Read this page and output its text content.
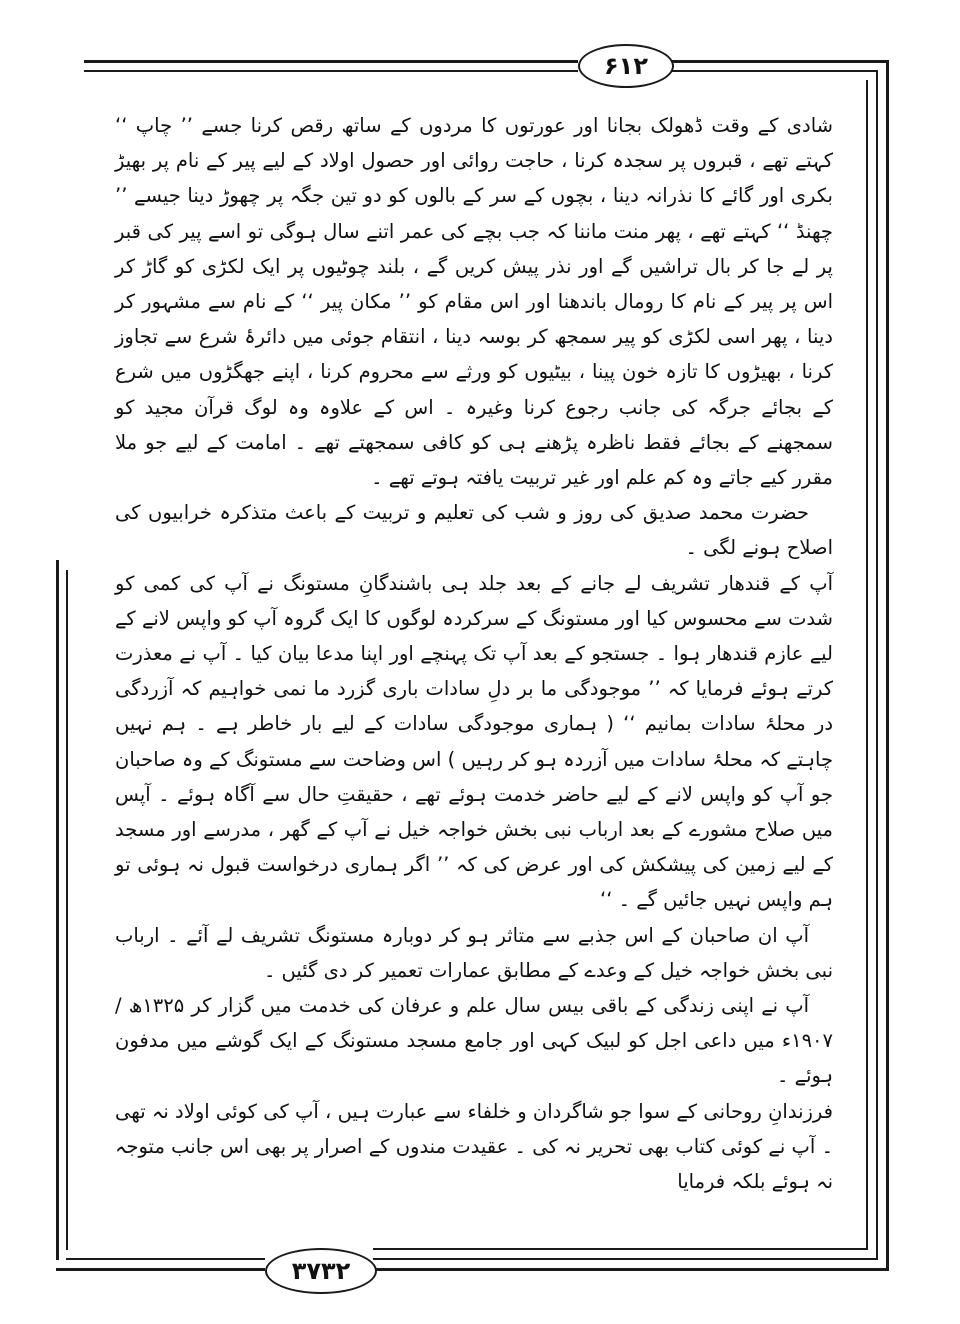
۶۱۲
۳۷۳۲

شادی کے وقت ڈھولک بجانا اور عورتوں کا مردوں کے ساتھ رقص کرنا جسے ’’ چاپ ‘‘ کہتے تھے ، قبروں پر سجدہ کرنا ، حاجت روائی اور حصول اولاد کے لیے پیر کے نام پر بھیڑ بکری اور گائے کا نذرانہ دینا ، بچوں کے سر کے بالوں کو دو تین جگہ پر چھوڑ دینا جیسے ’’ چھنڈ ‘‘ کہتے تھے ، پھر منت ماننا کہ جب بچے کی عمر اتنے سال ہوگی تو اسے پیر کی قبر پر لے جا کر بال تراشیں گے اور نذر پیش کریں گے ، بلند چوٹیوں پر ایک لکڑی کو گاڑ کر اس پر پیر کے نام کا رومال باندھنا اور اس مقام کو ’’ مکان پیر ‘‘ کے نام سے مشہور کر دینا ، پھر اسی لکڑی کو پیر سمجھ کر بوسہ دینا ، انتقام جوئی میں دائرۂ شرع سے تجاوز کرنا ، بھیڑوں کا تازہ خون پینا ، بیٹیوں کو ورثے سے محروم کرنا ، اپنے جھگڑوں میں شرع کے بجائے جرگہ کی جانب رجوع کرنا وغیرہ ۔ اس کے علاوہ وہ لوگ قرآن مجید کو سمجھنے کے بجائے فقط ناظرہ پڑھنے ہی کو کافی سمجھتے تھے ۔ امامت کے لیے جو ملا مقرر کیے جاتے وہ کم علم اور غیر تربیت یافتہ ہوتے تھے ۔

حضرت محمد صدیق کی روز و شب کی تعلیم و تربیت کے باعث متذکرہ خرابیوں کی اصلاح ہونے لگی ۔

آپ کے قندھار تشریف لے جانے کے بعد جلد ہی باشندگانِ مستونگ نے آپ کی کمی کو شدت سے محسوس کیا اور مستونگ کے سرکردہ لوگوں کا ایک گروہ آپ کو واپس لانے کے لیے عازم قندھار ہوا ۔ جستجو کے بعد آپ تک پہنچے اور اپنا مدعا بیان کیا ۔ آپ نے معذرت کرتے ہوئے فرمایا کہ ’’ موجودگی ما بر دلِ سادات باری گزرد ما نمی خواہیم کہ آزردگی در محلۂ سادات بمانیم ‘‘ ( ہماری موجودگی سادات کے لیے بار خاطر ہے ۔ ہم نہیں چاہتے کہ محلۂ سادات میں آزردہ ہو کر رہیں ) اس وضاحت سے مستونگ کے وہ صاحبان جو آپ کو واپس لانے کے لیے حاضر خدمت ہوئے تھے ، حقیقتِ حال سے آگاہ ہوئے ۔ آپس میں صلاح مشورے کے بعد ارباب نبی بخش خواجہ خیل نے آپ کے گھر ، مدرسے اور مسجد کے لیے زمین کی پیشکش کی اور عرض کی کہ ’’ اگر ہماری درخواست قبول نہ ہوئی تو ہم واپس نہیں جائیں گے ۔ ‘‘

آپ ان صاحبان کے اس جذبے سے متاثر ہو کر دوبارہ مستونگ تشریف لے آئے ۔ ارباب نبی بخش خواجہ خیل کے وعدے کے مطابق عمارات تعمیر کر دی گئیں ۔

آپ نے اپنی زندگی کے باقی بیس سال علم و عرفان کی خدمت میں گزار کر ۱۳۲۵ھ / ۱۹۰۷ء میں داعی اجل کو لبیک کہی اور جامع مسجد مستونگ کے ایک گوشے میں مدفون ہوئے ۔

فرزندانِ روحانی کے سوا جو شاگردان و خلفاء سے عبارت ہیں ، آپ کی کوئی اولاد نہ تھی ۔ آپ نے کوئی کتاب بھی تحریر نہ کی ۔ عقیدت مندوں کے اصرار پر بھی اس جانب متوجہ نہ ہوئے بلکہ فرمایا
